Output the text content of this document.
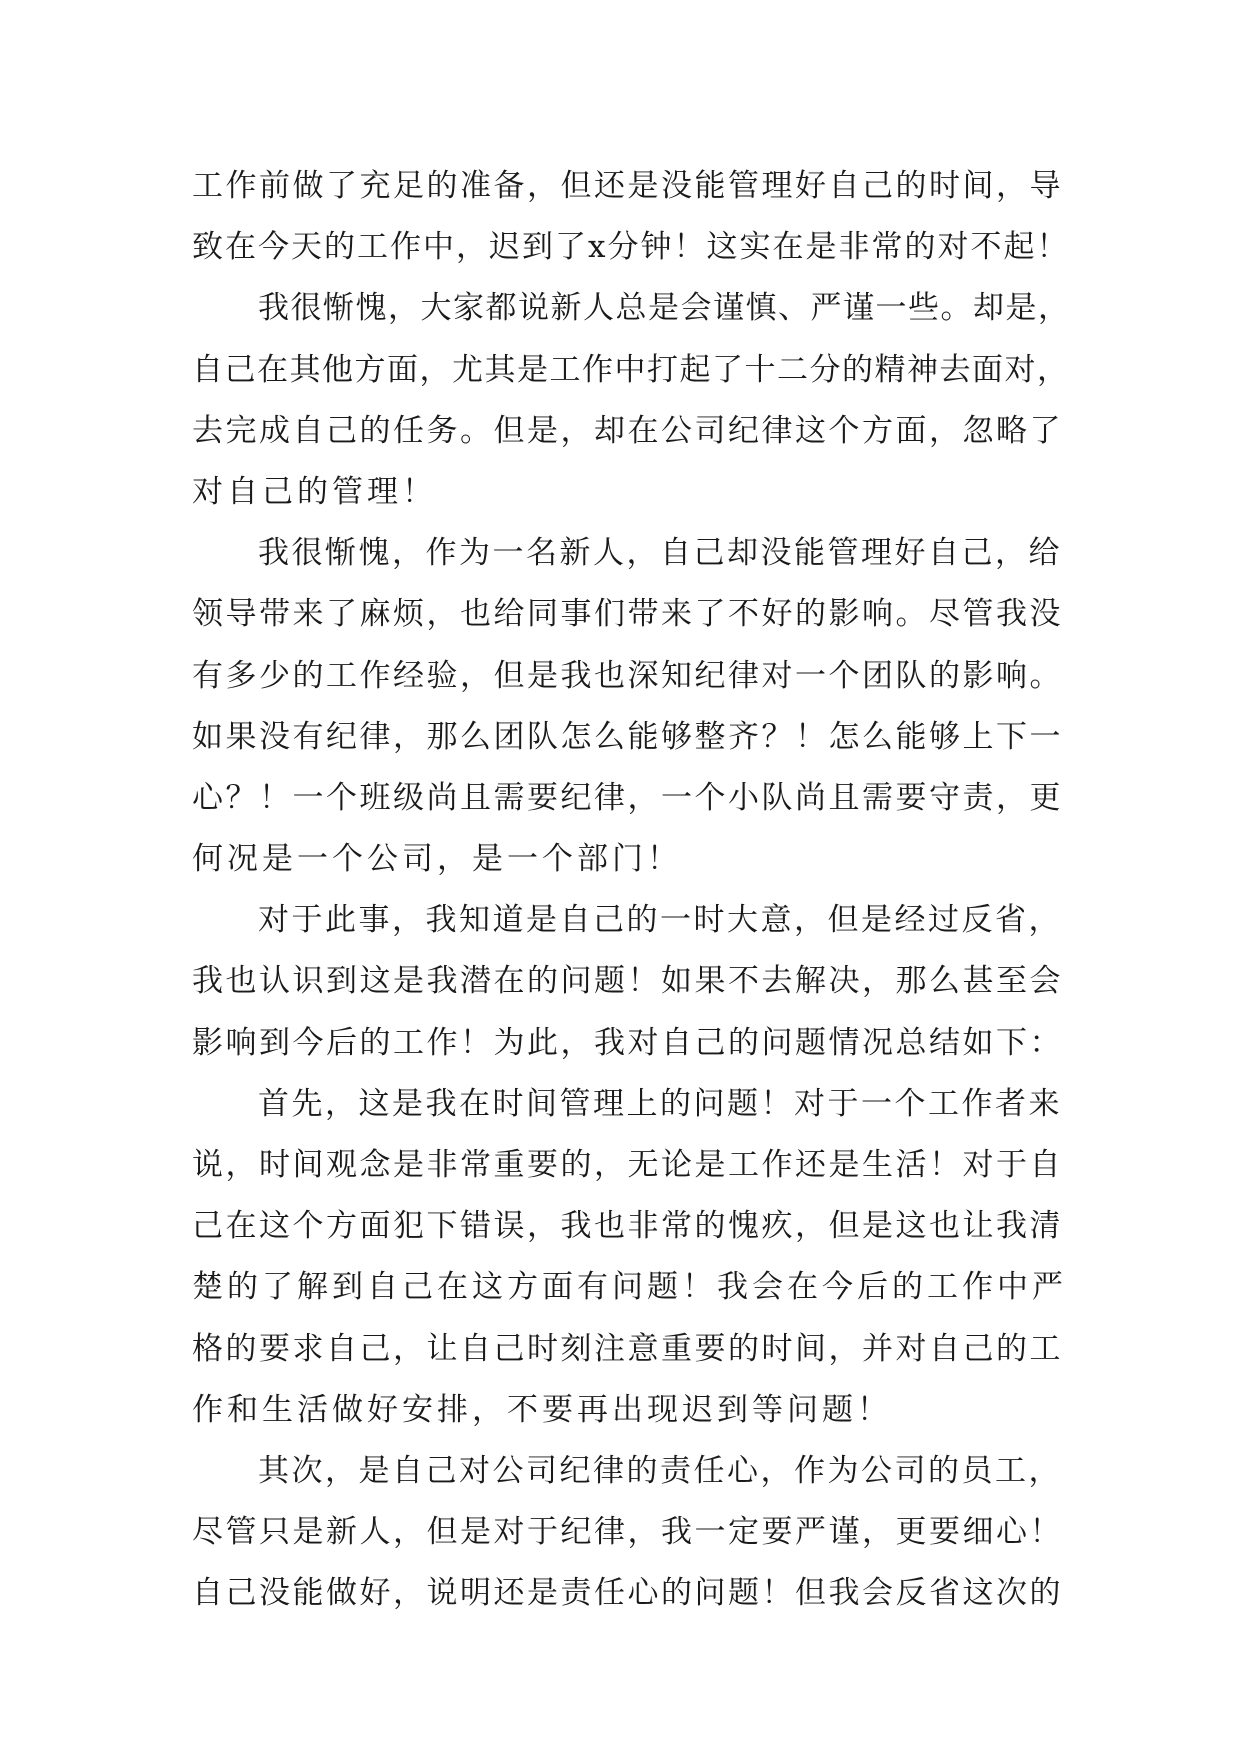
工作前做了充足的准备，但还是没能管理好自己的时间，导
致在今天的工作中，迟到了x分钟！这实在是非常的对不起！
我很惭愧，大家都说新人总是会谨慎、严谨一些。却是，
自己在其他方面，尤其是工作中打起了十二分的精神去面对，
去完成自己的任务。但是，却在公司纪律这个方面，忽略了
对自己的管理！
我很惭愧，作为一名新人，自己却没能管理好自己，给
领导带来了麻烦，也给同事们带来了不好的影响。尽管我没
有多少的工作经验，但是我也深知纪律对一个团队的影响。
如果没有纪律，那么团队怎么能够整齐？！怎么能够上下一
心？！一个班级尚且需要纪律，一个小队尚且需要守责，更
何况是一个公司，是一个部门！
对于此事，我知道是自己的一时大意，但是经过反省，
我也认识到这是我潜在的问题！如果不去解决，那么甚至会
影响到今后的工作！为此，我对自己的问题情况总结如下：
首先，这是我在时间管理上的问题！对于一个工作者来
说，时间观念是非常重要的，无论是工作还是生活！对于自
己在这个方面犯下错误，我也非常的愧疚，但是这也让我清
楚的了解到自己在这方面有问题！我会在今后的工作中严
格的要求自己，让自己时刻注意重要的时间，并对自己的工
作和生活做好安排，不要再出现迟到等问题！
其次，是自己对公司纪律的责任心，作为公司的员工，
尽管只是新人，但是对于纪律，我一定要严谨，更要细心！
自己没能做好，说明还是责任心的问题！但我会反省这次的
